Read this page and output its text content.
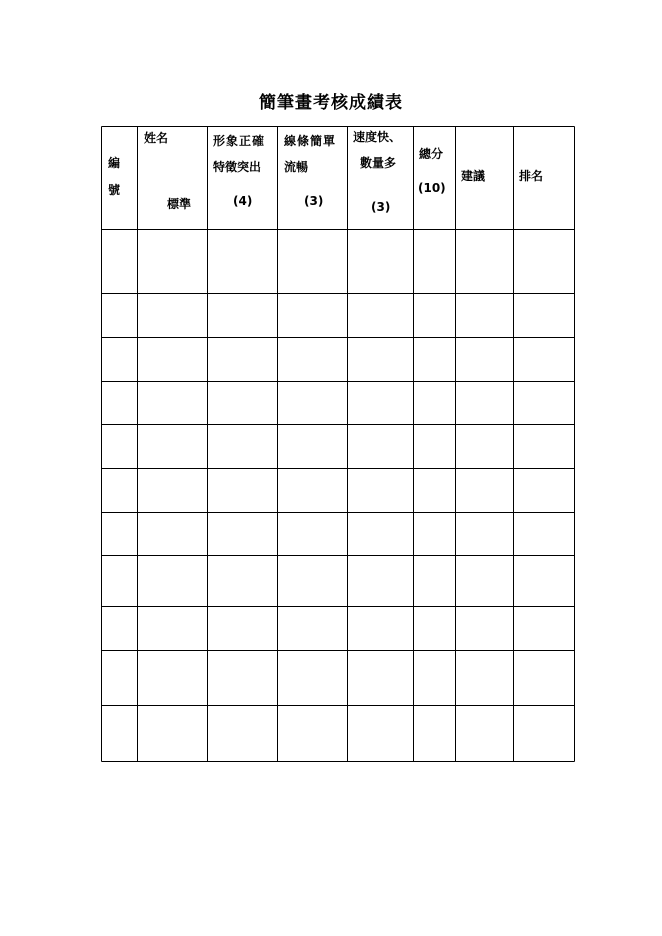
簡筆畫考核成績表
編
號
姓名
標準
形象正確
特徵突出
(4)
線條簡單
流暢
(3)
速度快、
數量多
(3)
總分
(10)
建議	排名
